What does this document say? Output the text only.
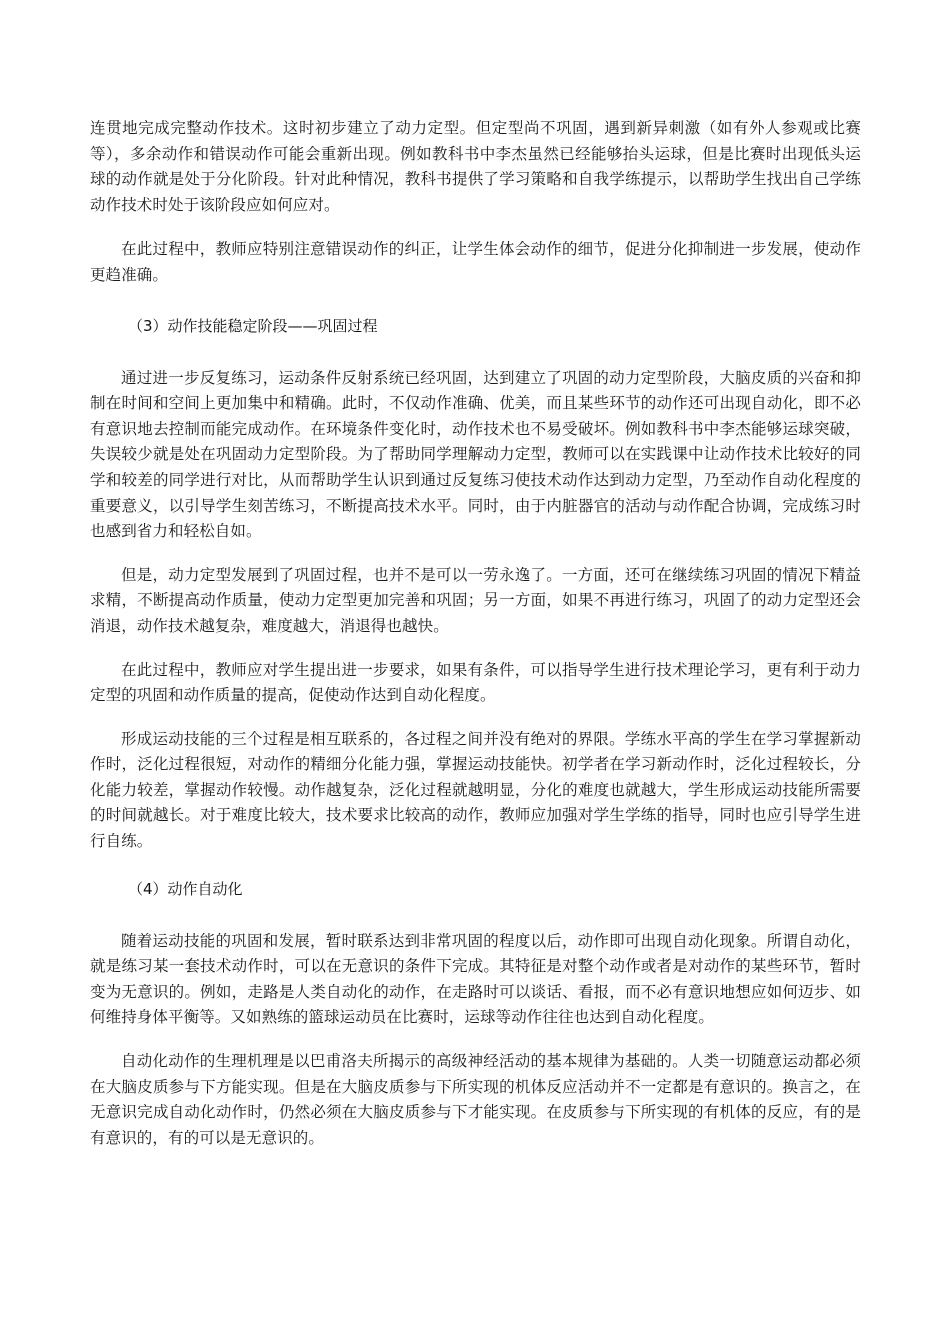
连贯地完成完整动作技术。这时初步建立了动力定型。但定型尚不巩固，遇到新异刺激（如有外人参观或比赛等），多余动作和错误动作可能会重新出现。例如教科书中李杰虽然已经能够抬头运球，但是比赛时出现低头运球的动作就是处于分化阶段。针对此种情况，教科书提供了学习策略和自我学练提示，以帮助学生找出自己学练动作技术时处于该阶段应如何应对。

在此过程中，教师应特别注意错误动作的纠正，让学生体会动作的细节，促进分化抑制进一步发展，使动作更趋准确。

（3）动作技能稳定阶段——巩固过程

通过进一步反复练习，运动条件反射系统已经巩固，达到建立了巩固的动力定型阶段，大脑皮质的兴奋和抑制在时间和空间上更加集中和精确。此时，不仅动作准确、优美，而且某些环节的动作还可出现自动化，即不必有意识地去控制而能完成动作。在环境条件变化时，动作技术也不易受破坏。例如教科书中李杰能够运球突破，失误较少就是处在巩固动力定型阶段。为了帮助同学理解动力定型，教师可以在实践课中让动作技术比较好的同学和较差的同学进行对比，从而帮助学生认识到通过反复练习使技术动作达到动力定型，乃至动作自动化程度的重要意义，以引导学生刻苦练习，不断提高技术水平。同时，由于内脏器官的活动与动作配合协调，完成练习时也感到省力和轻松自如。

但是，动力定型发展到了巩固过程，也并不是可以一劳永逸了。一方面，还可在继续练习巩固的情况下精益求精，不断提高动作质量，使动力定型更加完善和巩固；另一方面，如果不再进行练习，巩固了的动力定型还会消退，动作技术越复杂，难度越大，消退得也越快。

在此过程中，教师应对学生提出进一步要求，如果有条件，可以指导学生进行技术理论学习，更有利于动力定型的巩固和动作质量的提高，促使动作达到自动化程度。

形成运动技能的三个过程是相互联系的，各过程之间并没有绝对的界限。学练水平高的学生在学习掌握新动作时，泛化过程很短，对动作的精细分化能力强，掌握运动技能快。初学者在学习新动作时，泛化过程较长，分化能力较差，掌握动作较慢。动作越复杂，泛化过程就越明显，分化的难度也就越大，学生形成运动技能所需要的时间就越长。对于难度比较大，技术要求比较高的动作，教师应加强对学生学练的指导，同时也应引导学生进行自练。

（4）动作自动化

随着运动技能的巩固和发展，暂时联系达到非常巩固的程度以后，动作即可出现自动化现象。所谓自动化，就是练习某一套技术动作时，可以在无意识的条件下完成。其特征是对整个动作或者是对动作的某些环节，暂时变为无意识的。例如，走路是人类自动化的动作，在走路时可以谈话、看报，而不必有意识地想应如何迈步、如何维持身体平衡等。又如熟练的篮球运动员在比赛时，运球等动作往往也达到自动化程度。

自动化动作的生理机理是以巴甫洛夫所揭示的高级神经活动的基本规律为基础的。人类一切随意运动都必须在大脑皮质参与下方能实现。但是在大脑皮质参与下所实现的机体反应活动并不一定都是有意识的。换言之，在无意识完成自动化动作时，仍然必须在大脑皮质参与下才能实现。在皮质参与下所实现的有机体的反应，有的是有意识的，有的可以是无意识的。
